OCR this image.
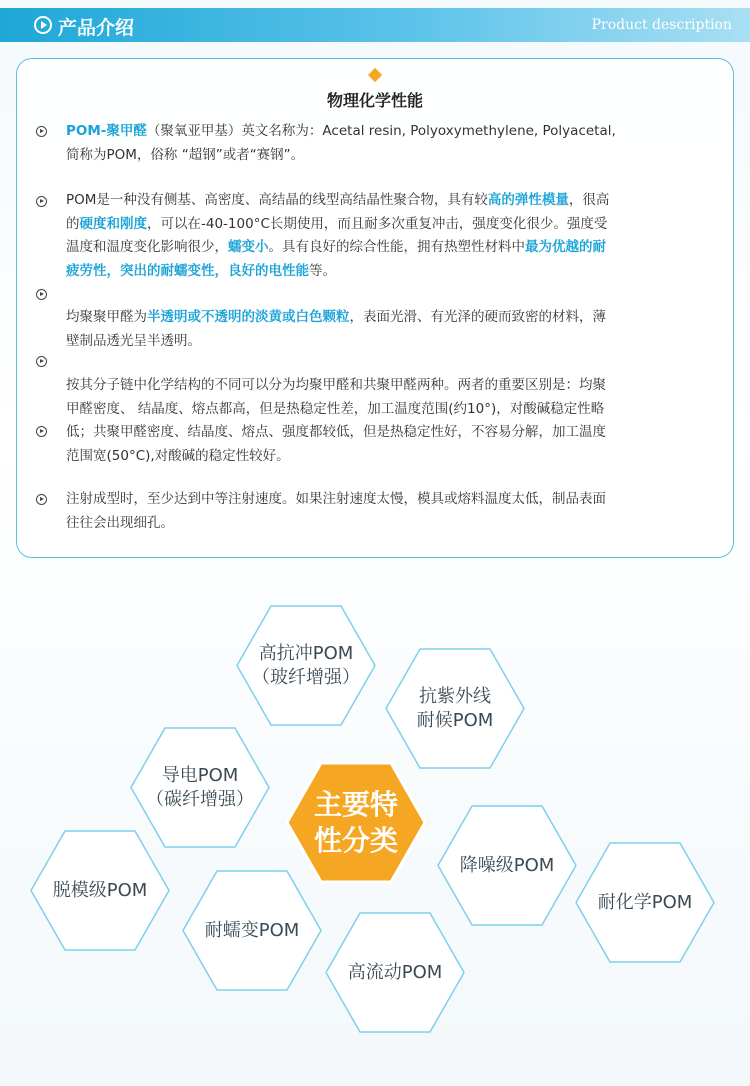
产品介绍	Product description
物理化学性能
POM-聚甲醛（聚氧亚甲基）英文名称为：Acetal resin, Polyoxymethylene, Polyacetal,
简称为POM，俗称 “超钢”或者“赛钢”。
POM是一种没有侧基、高密度、高结晶的线型高结晶性聚合物，具有较高的弹性模量，很高
的硬度和刚度，可以在-40-100°C长期使用，而且耐多次重复冲击，强度变化很少。强度受
温度和温度变化影响很少，蠕变小。具有良好的综合性能，拥有热塑性材料中最为优越的耐
疲劳性，突出的耐蠕变性，良好的电性能等。
均聚聚甲醛为半透明或不透明的淡黄或白色颗粒，表面光滑、有光泽的硬而致密的材料，薄
壁制品透光呈半透明。
按其分子链中化学结构的不同可以分为均聚甲醛和共聚甲醛两种。两者的重要区别是：均聚
甲醛密度、 结晶度、熔点都高，但是热稳定性差，加工温度范围(约10°)，对酸碱稳定性略
低；共聚甲醛密度、结晶度、熔点、强度都较低，但是热稳定性好，不容易分解，加工温度
范围宽(50°C),对酸碱的稳定性较好。
注射成型时，至少达到中等注射速度。如果注射速度太慢，模具或熔料温度太低，制品表面
往往会出现细孔。
高抗冲POM
（玻纤增强）
抗紫外线
耐候POM
导电POM
（碳纤增强） 主要特
性分类
降噪级POM
脱模级POM
耐化学POM
耐蠕变POM
高流动POM
